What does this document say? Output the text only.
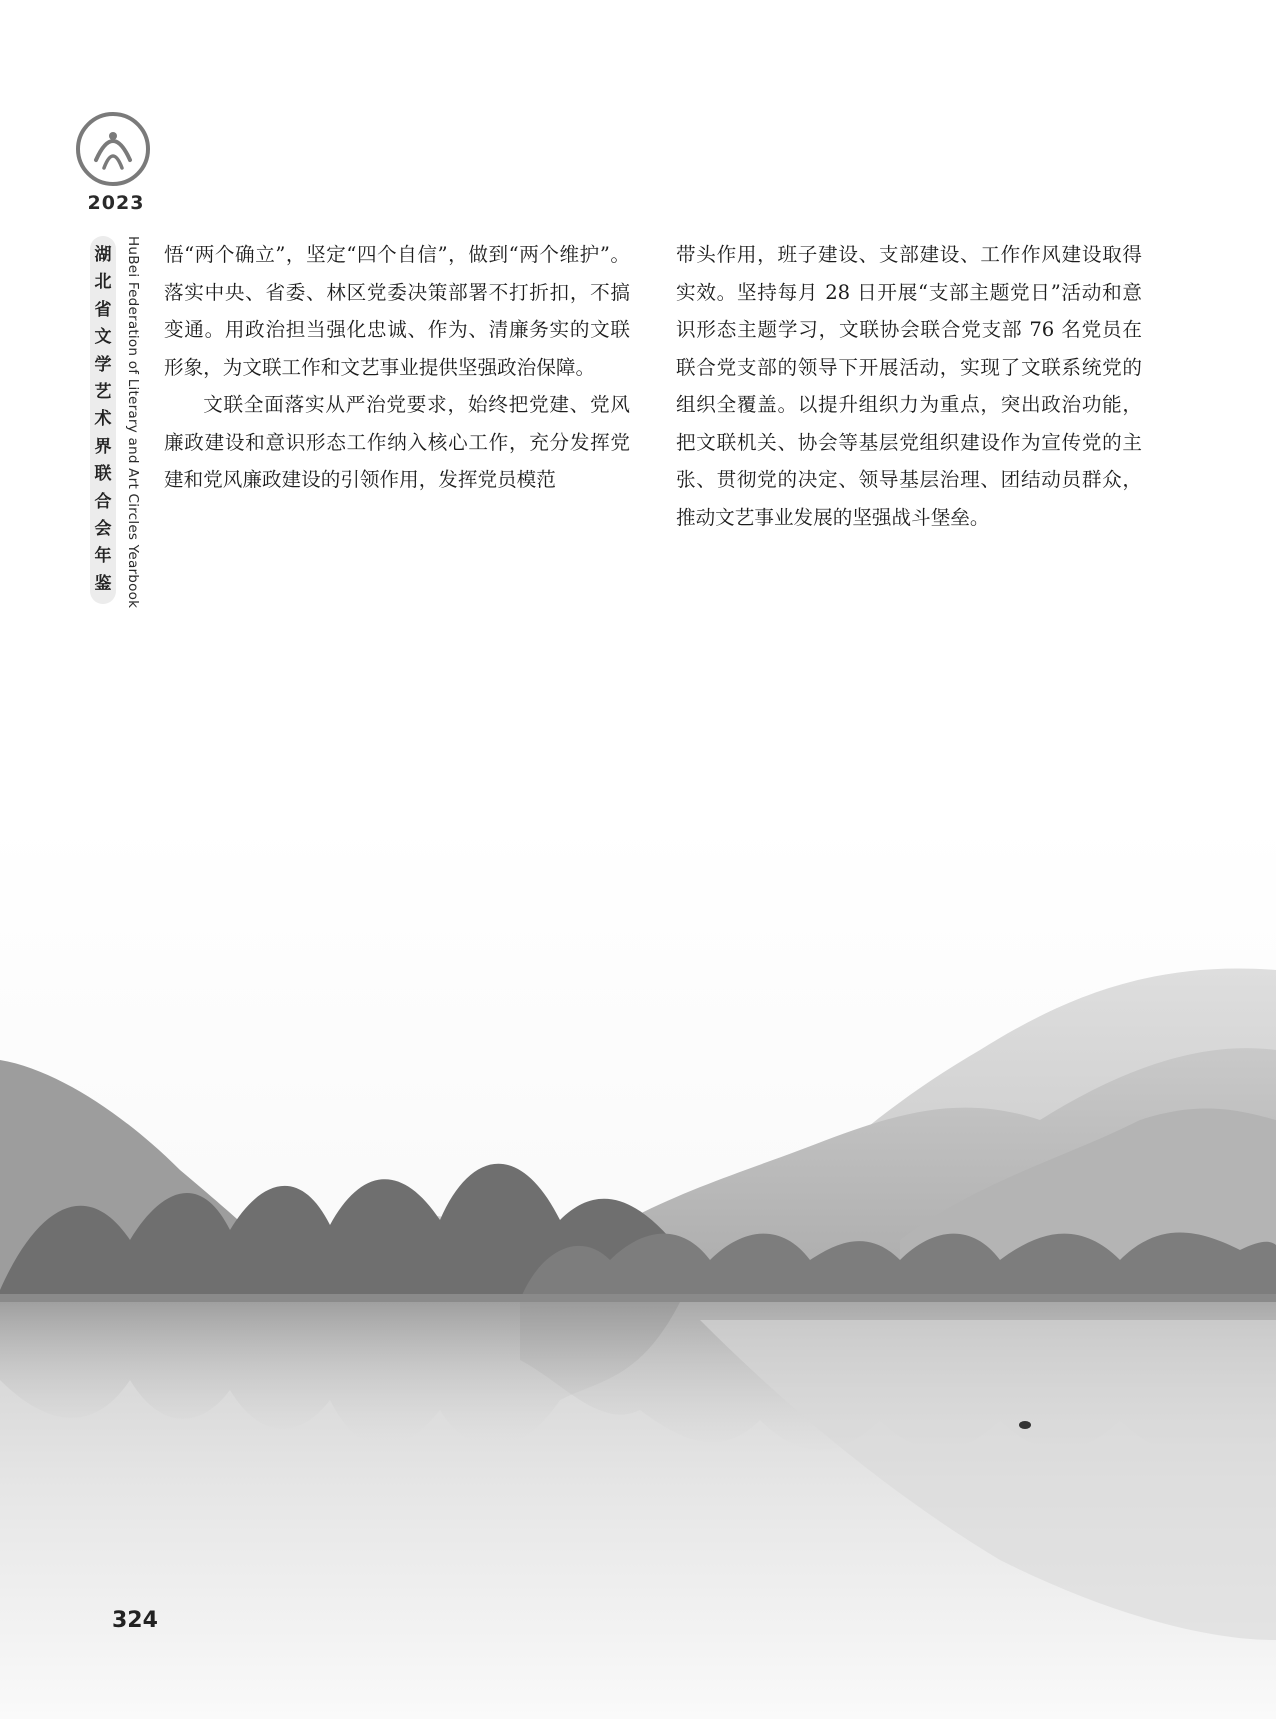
2023
湖
北
省
文
学
艺
术
界
联
合
会
年
鉴 HuBei Federation of Literary and Art Circles Yearbook 悟“两个确立”，坚定“四个自信”，做到“两个维护”。落实中央、省委、林区党委决策部署不打折扣，不搞变通。用政治担当强化忠诚、作为、清廉务实的文联形象，为文联工作和文艺事业提供坚强政治保障。

文联全面落实从严治党要求，始终把党建、党风廉政建设和意识形态工作纳入核心工作，充分发挥党建和党风廉政建设的引领作用，发挥党员模范

带头作用，班子建设、支部建设、工作作风建设取得实效。坚持每月 28 日开展“支部主题党日”活动和意识形态主题学习，文联协会联合党支部 76 名党员在联合党支部的领导下开展活动，实现了文联系统党的组织全覆盖。以提升组织力为重点，突出政治功能，把文联机关、协会等基层党组织建设作为宣传党的主张、贯彻党的决定、领导基层治理、团结动员群众，推动文艺事业发展的坚强战斗堡垒。

324
